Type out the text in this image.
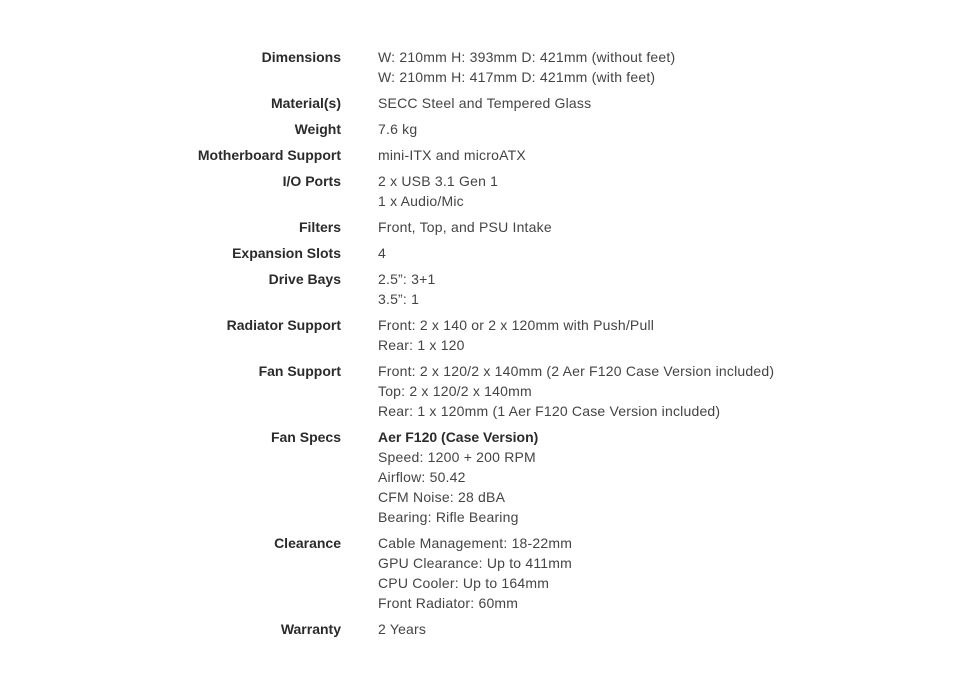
Dimensions	W: 210mm H: 393mm D: 421mm (without feet)
W: 210mm H: 417mm D: 421mm (with feet)
Material(s)	SECC Steel and Tempered Glass
Weight	7.6 kg
Motherboard Support	mini-ITX and microATX
I/O Ports	2 x USB 3.1 Gen 1
1 x Audio/Mic
Filters	Front, Top, and PSU Intake
Expansion Slots	4
Drive Bays	2.5”: 3+1
3.5”: 1
Radiator Support	Front: 2 x 140 or 2 x 120mm with Push/Pull
Rear: 1 x 120
Fan Support	Front: 2 x 120/2 x 140mm (2 Aer F120 Case Version included)
Top: 2 x 120/2 x 140mm
Rear: 1 x 120mm (1 Aer F120 Case Version included)
Fan Specs	Aer F120 (Case Version)
Speed: 1200 + 200 RPM
Airflow: 50.42
CFM Noise: 28 dBA
Bearing: Rifle Bearing
Clearance	Cable Management: 18-22mm
GPU Clearance: Up to 411mm
CPU Cooler: Up to 164mm
Front Radiator: 60mm
Warranty	2 Years
